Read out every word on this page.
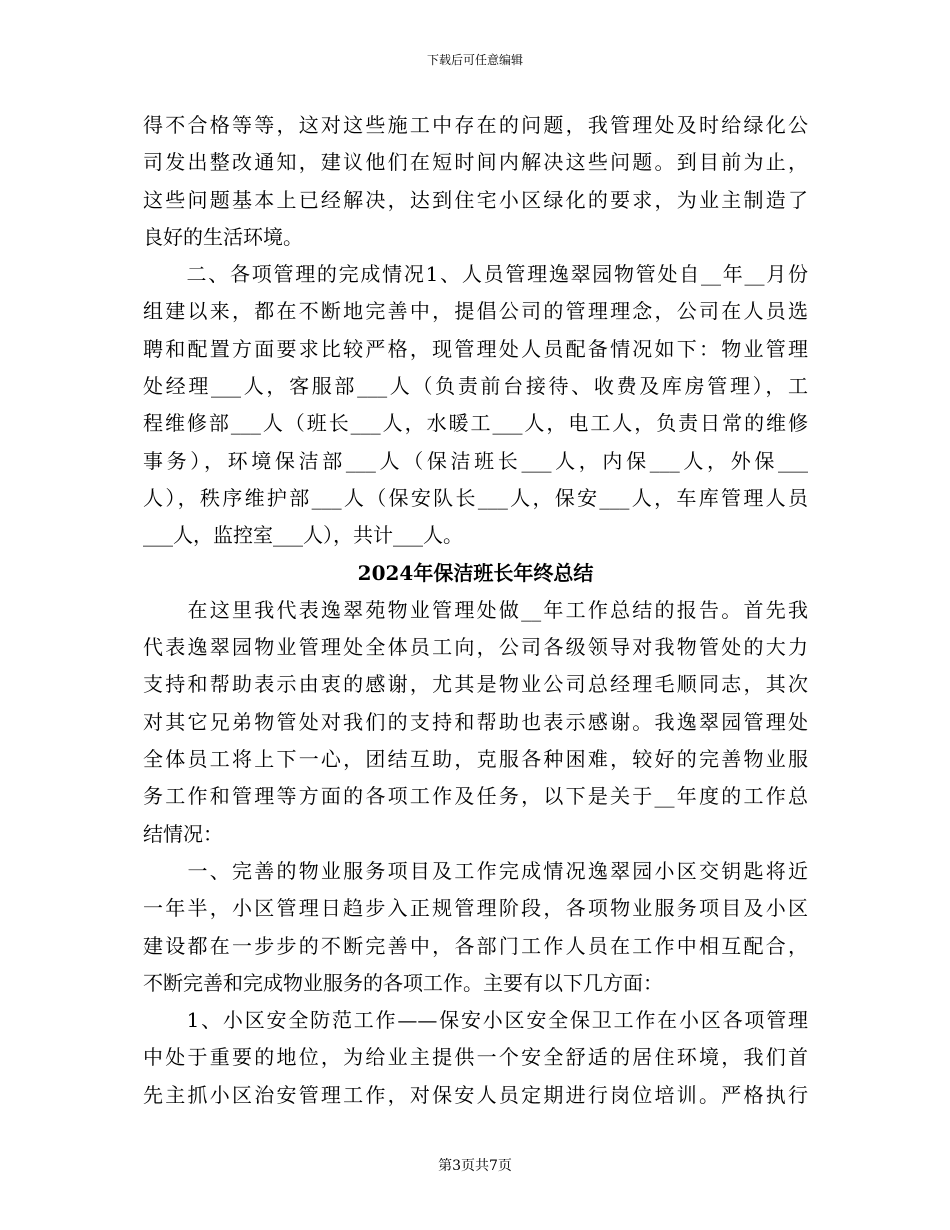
下载后可任意编辑
得不合格等等，这对这些施工中存在的问题，我管理处及时给绿化公
司发出整改通知，建议他们在短时间内解决这些问题。到目前为止，
这些问题基本上已经解决，达到住宅小区绿化的要求，为业主制造了
良好的生活环境。
　　二、各项管理的完成情况1、人员管理逸翠园物管处自__年__月份
组建以来，都在不断地完善中，提倡公司的管理理念，公司在人员选
聘和配置方面要求比较严格，现管理处人员配备情况如下：物业管理
处经理___人，客服部___人（负责前台接待、收费及库房管理），工
程维修部___人（班长___人，水暖工___人，电工人，负责日常的维修
事务），环境保洁部___人（保洁班长___人，内保___人，外保___
人），秩序维护部___人（保安队长___人，保安___人，车库管理人员
___人，监控室___人），共计___人。
2024年保洁班长年终总结
　　在这里我代表逸翠苑物业管理处做__年工作总结的报告。首先我
代表逸翠园物业管理处全体员工向，公司各级领导对我物管处的大力
支持和帮助表示由衷的感谢，尤其是物业公司总经理毛顺同志，其次
对其它兄弟物管处对我们的支持和帮助也表示感谢。我逸翠园管理处
全体员工将上下一心，团结互助，克服各种困难，较好的完善物业服
务工作和管理等方面的各项工作及任务，以下是关于__年度的工作总
结情况：
　　一、完善的物业服务项目及工作完成情况逸翠园小区交钥匙将近
一年半，小区管理日趋步入正规管理阶段，各项物业服务项目及小区
建设都在一步步的不断完善中，各部门工作人员在工作中相互配合，
不断完善和完成物业服务的各项工作。主要有以下几方面：
　　1、小区安全防范工作——保安小区安全保卫工作在小区各项管理
中处于重要的地位，为给业主提供一个安全舒适的居住环境，我们首
先主抓小区治安管理工作，对保安人员定期进行岗位培训。严格执行
第3页共7页
